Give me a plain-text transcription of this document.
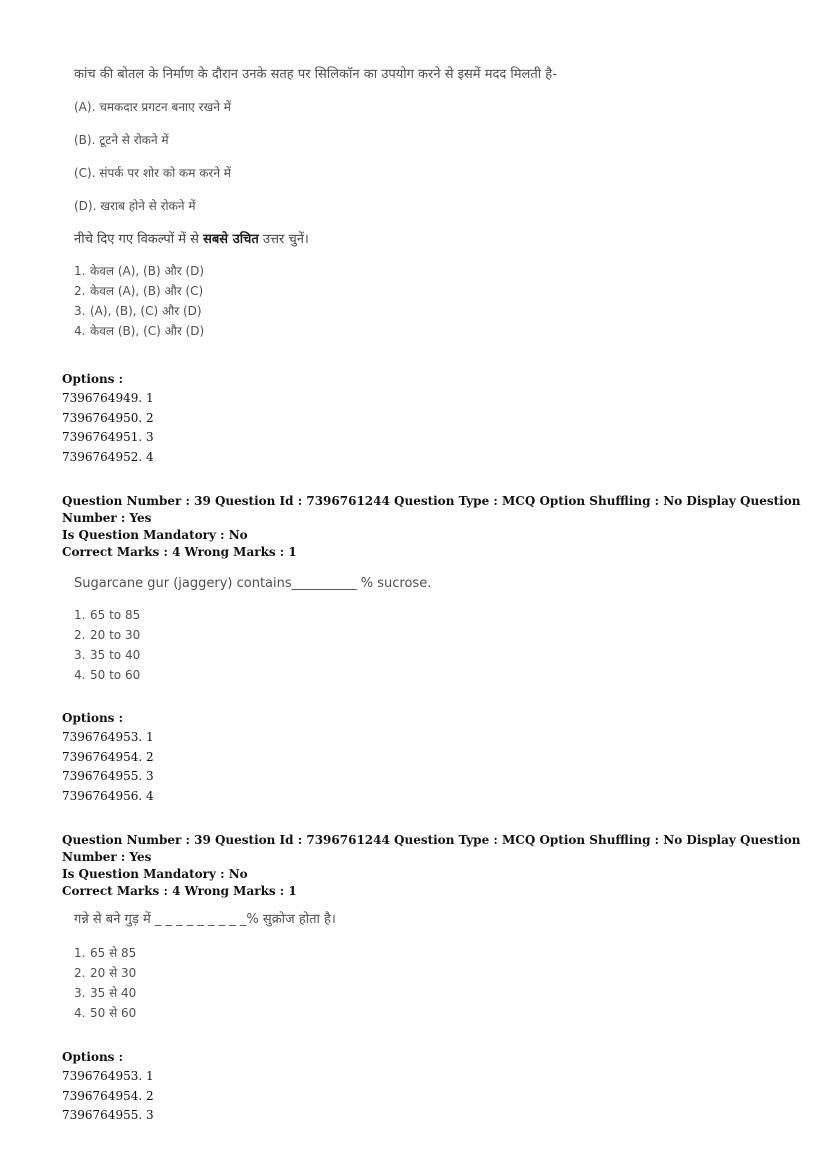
कांच की बोतल के निर्माण के दौरान उनके सतह पर सिलिकॉन का उपयोग करने से इसमें मदद मिलती है-
(A). चमकदार प्रगटन बनाए रखने में
(B). टूटने से रोकने में
(C). संपर्क पर शोर को कम करने में
(D). खराब होने से रोकने में
नीचे दिए गए विकल्पों में से सबसे उचित उत्तर चुनें।
1. केवल (A), (B) और (D)
2. केवल (A), (B) और (C)
3. (A), (B), (C) और (D)
4. केवल (B), (C) और (D)
Options :
7396764949. 1
7396764950. 2
7396764951. 3
7396764952. 4
Question Number : 39 Question Id : 7396761244 Question Type : MCQ Option Shuffling : No Display Question Number : Yes
Is Question Mandatory : No
Correct Marks : 4 Wrong Marks : 1
Sugarcane gur (jaggery) contains__________ % sucrose.
1. 65 to 85
2. 20 to 30
3. 35 to 40
4. 50 to 60
Options :
7396764953. 1
7396764954. 2
7396764955. 3
7396764956. 4
Question Number : 39 Question Id : 7396761244 Question Type : MCQ Option Shuffling : No Display Question Number : Yes
Is Question Mandatory : No
Correct Marks : 4 Wrong Marks : 1
गन्ने से बने गुड़ में _ _ _ _ _ _ _ _ _% सुक्रोज होता है।
1. 65 से 85
2. 20 से 30
3. 35 से 40
4. 50 से 60
Options :
7396764953. 1
7396764954. 2
7396764955. 3
